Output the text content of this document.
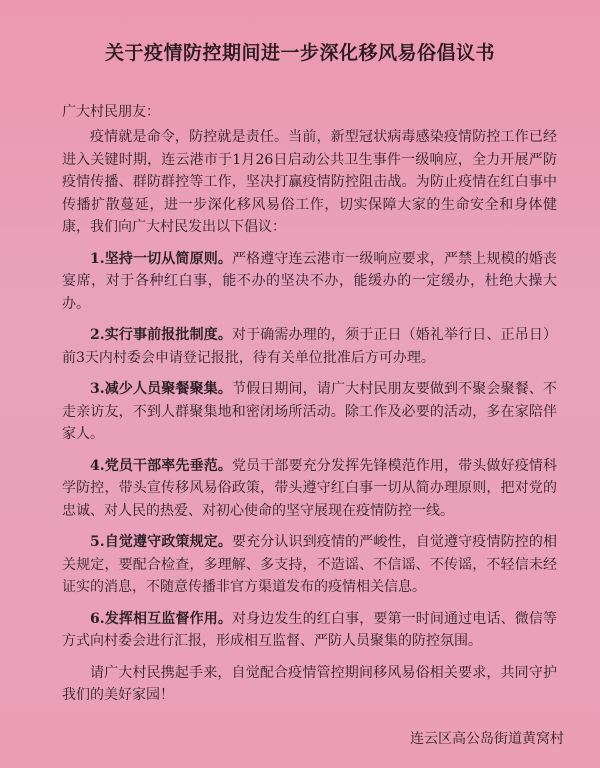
关于疫情防控期间进一步深化移风易俗倡议书
广大村民朋友：

疫情就是命令，防控就是责任。当前，新型冠状病毒感染疫情防控工作已经进入关键时期，连云港市于1月26日启动公共卫生事件一级响应，全力开展严防疫情传播、群防群控等工作，坚决打赢疫情防控阻击战。为防止疫情在红白事中传播扩散蔓延，进一步深化移风易俗工作，切实保障大家的生命安全和身体健康，我们向广大村民发出以下倡议：

1.坚持一切从简原则。严格遵守连云港市一级响应要求，严禁上规模的婚丧宴席，对于各种红白事，能不办的坚决不办，能缓办的一定缓办，杜绝大操大办。

2.实行事前报批制度。对于确需办理的，须于正日（婚礼举行日、正吊日）前3天内村委会申请登记报批，待有关单位批准后方可办理。

3.减少人员聚餐聚集。节假日期间，请广大村民朋友要做到不聚会聚餐、不走亲访友，不到人群聚集地和密闭场所活动。除工作及必要的活动，多在家陪伴家人。

4.党员干部率先垂范。党员干部要充分发挥先锋模范作用，带头做好疫情科学防控，带头宣传移风易俗政策，带头遵守红白事一切从简办理原则，把对党的忠诚、对人民的热爱、对初心使命的坚守展现在疫情防控一线。

5.自觉遵守政策规定。要充分认识到疫情的严峻性，自觉遵守疫情防控的相关规定，要配合检查，多理解、多支持，不造谣、不信谣、不传谣，不轻信未经证实的消息，不随意传播非官方渠道发布的疫情相关信息。

6.发挥相互监督作用。对身边发生的红白事，要第一时间通过电话、微信等方式向村委会进行汇报，形成相互监督、严防人员聚集的防控氛围。

请广大村民携起手来，自觉配合疫情管控期间移风易俗相关要求，共同守护我们的美好家园！

连云区高公岛街道黄窝村
